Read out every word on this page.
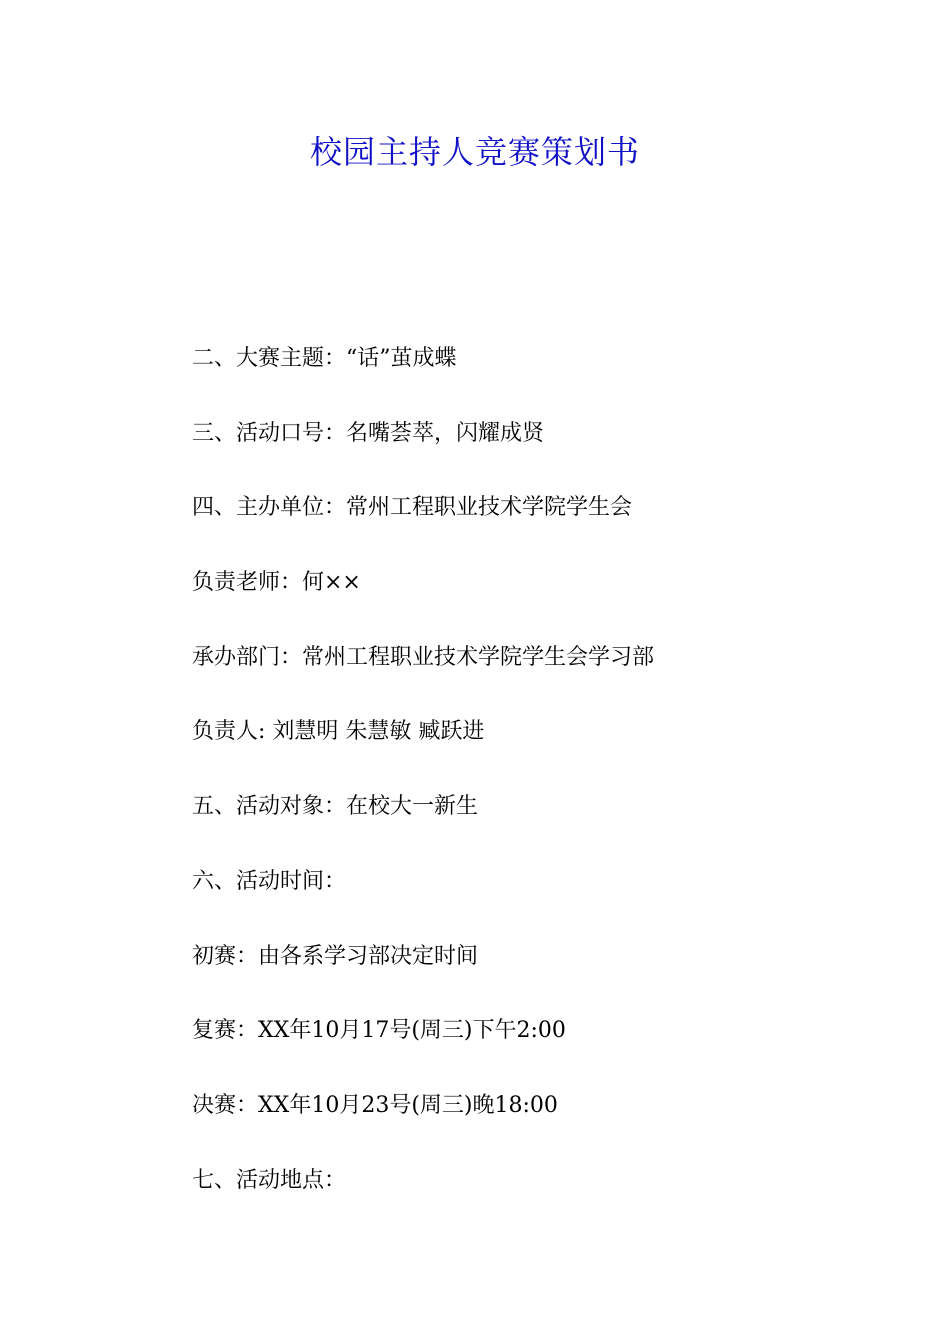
校园主持人竞赛策划书
二、大赛主题：“话”茧成蝶
三、活动口号：名嘴荟萃，闪耀成贤
四、主办单位：常州工程职业技术学院学生会
负责老师：何××
承办部门：常州工程职业技术学院学生会学习部
负责人: 刘慧明 朱慧敏 臧跃进
五、活动对象：在校大一新生
六、活动时间：
初赛：由各系学习部决定时间
复赛：XX年10月17号(周三)下午2:00
决赛：XX年10月23号(周三)晚18:00
七、活动地点：
